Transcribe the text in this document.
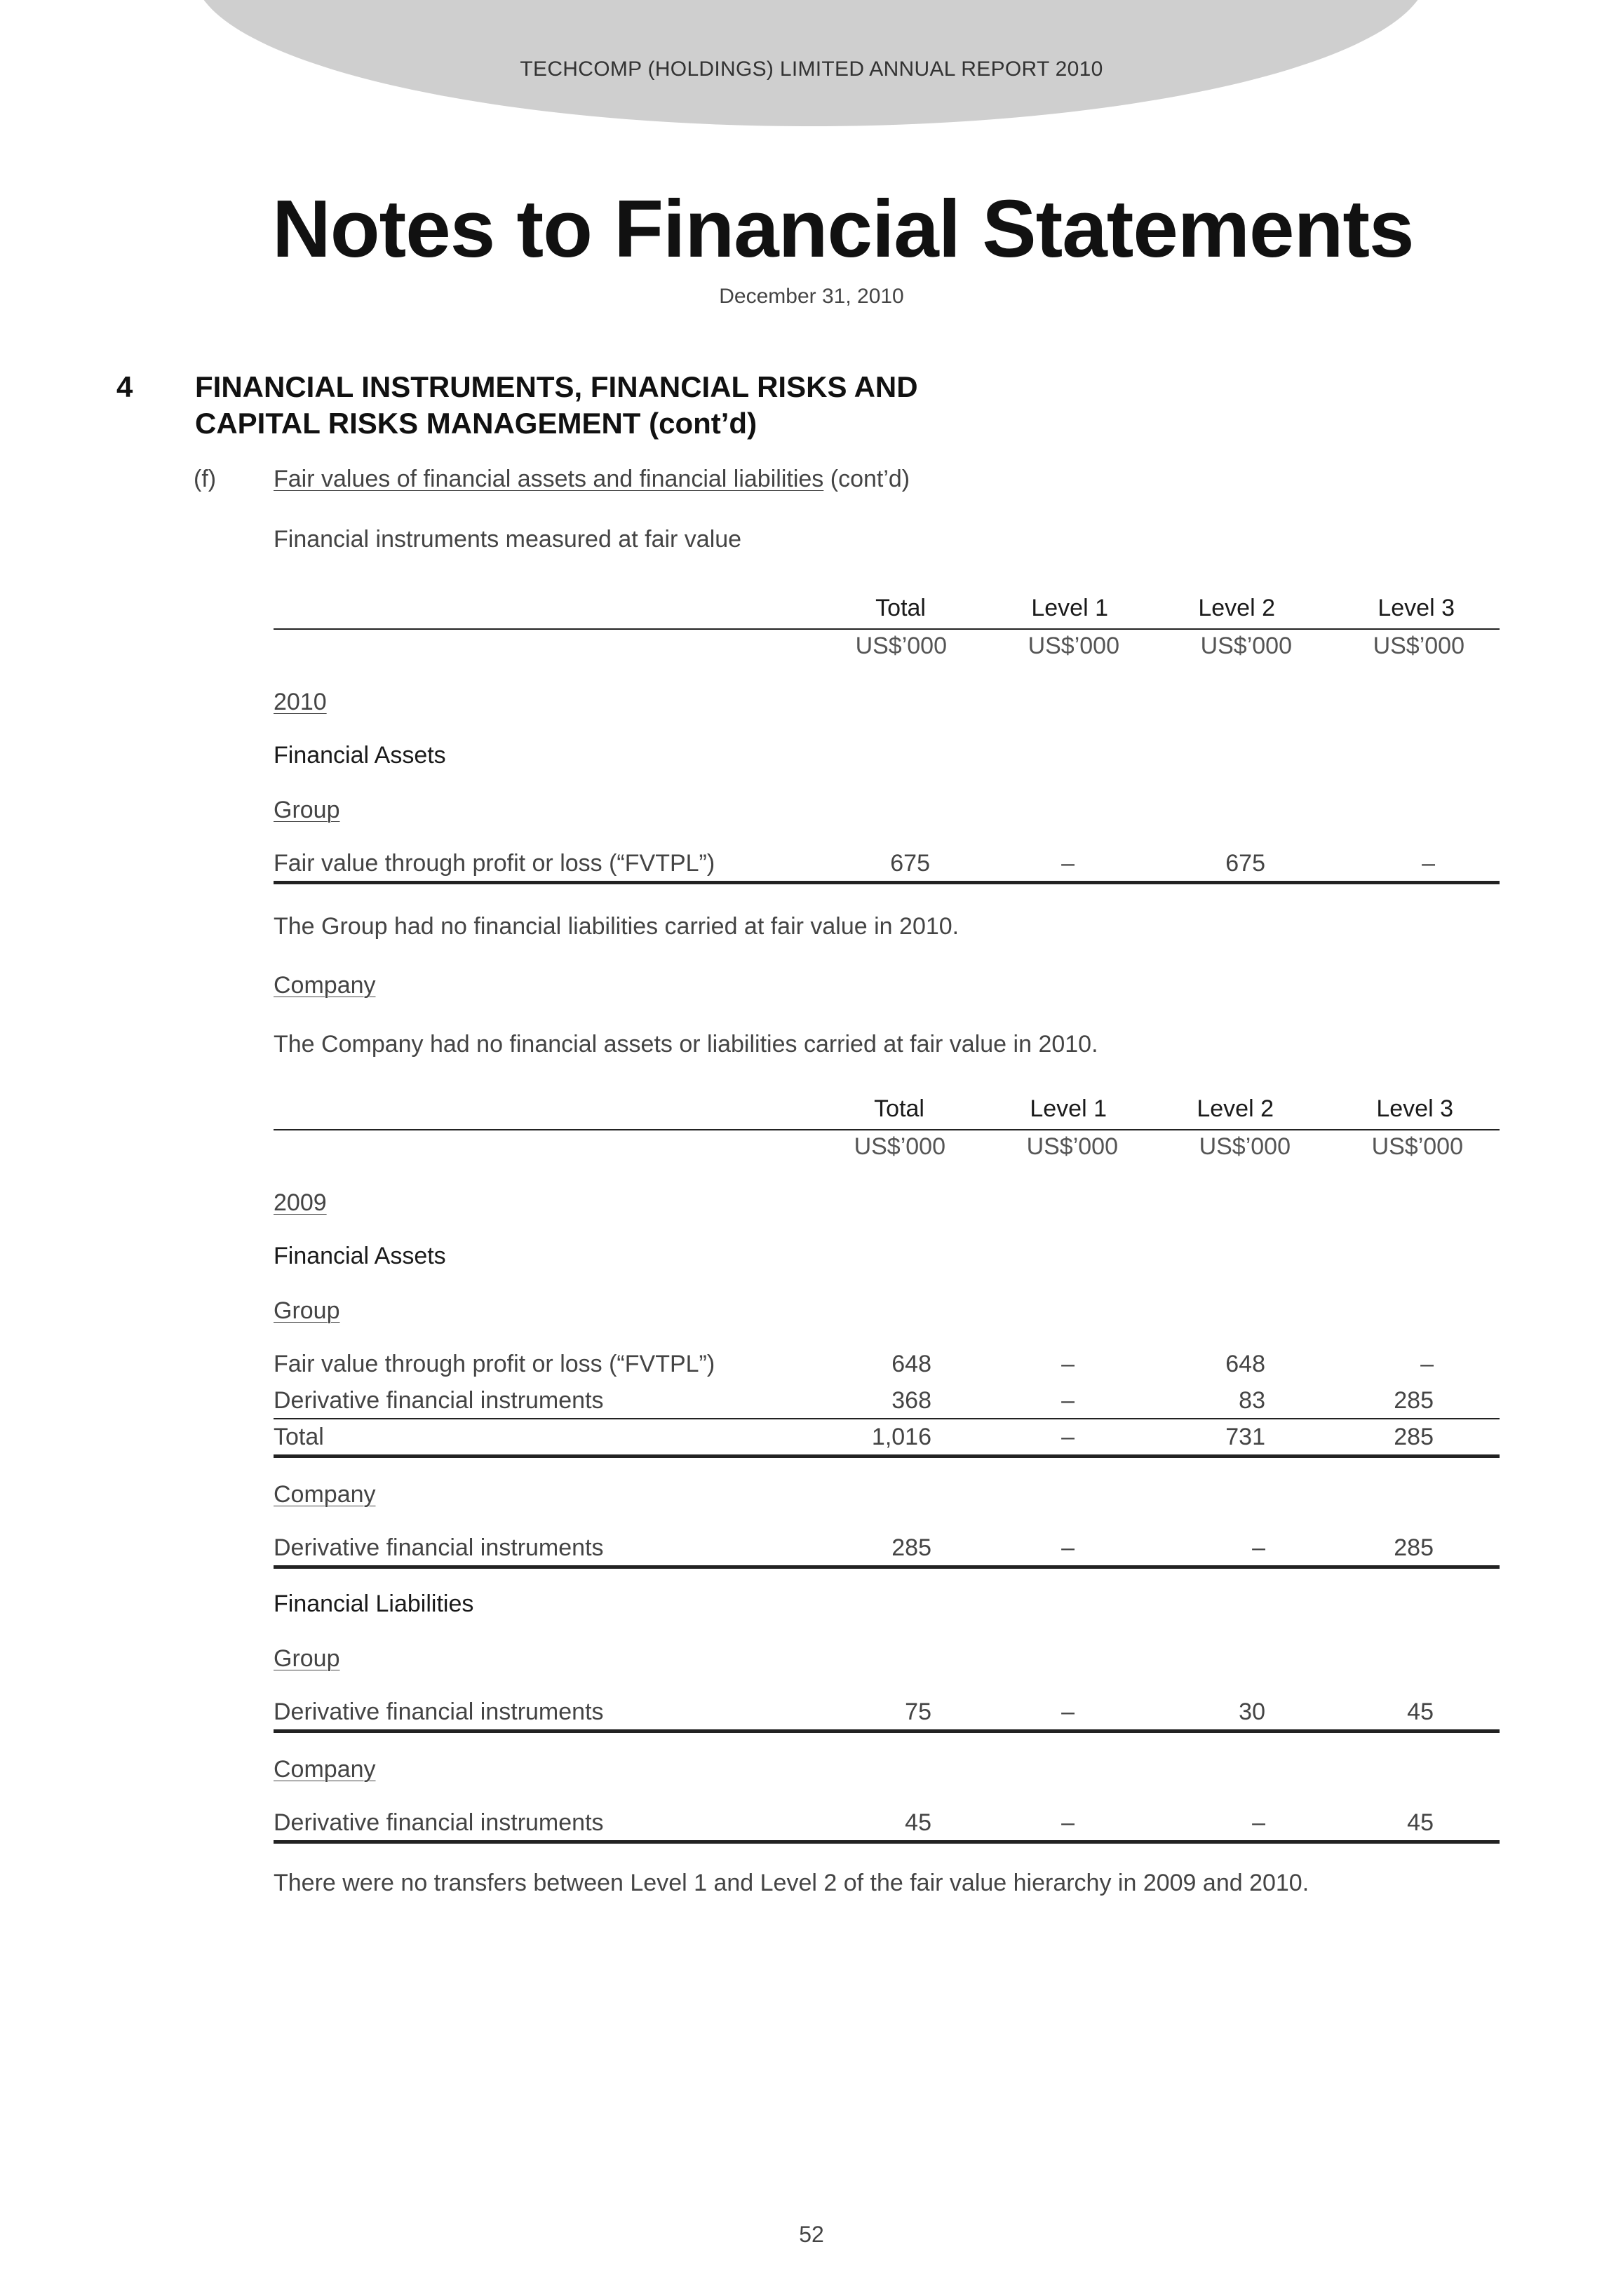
TECHCOMP (HOLDINGS) LIMITED ANNUAL REPORT 2010
Notes to Financial Statements
December 31, 2010
4 FINANCIAL INSTRUMENTS, FINANCIAL RISKS AND
CAPITAL RISKS MANAGEMENT (cont’d)
(f) Fair values of financial assets and financial liabilities (cont’d)
Financial instruments measured at fair value
Total	Level 1	Level 2	Level 3
US$’000	US$’000	US$’000	US$’000
2010
Financial Assets
Group
Fair value through profit or loss (“FVTPL”)	675	–	675	–
The Group had no financial liabilities carried at fair value in 2010.
Company
The Company had no financial assets or liabilities carried at fair value in 2010.
Total	Level 1	Level 2	Level 3
US$’000	US$’000	US$’000	US$’000
2009
Financial Assets
Group
Fair value through profit or loss (“FVTPL”)	648	–	648	–
Derivative financial instruments	368	–	83	285
Total	1,016	–	731	285
Company
Derivative financial instruments	285	–	–	285
Financial Liabilities
Group
Derivative financial instruments	75	–	30	45
Company
Derivative financial instruments	45	–	–	45
There were no transfers between Level 1 and Level 2 of the fair value hierarchy in 2009 and 2010.
52
